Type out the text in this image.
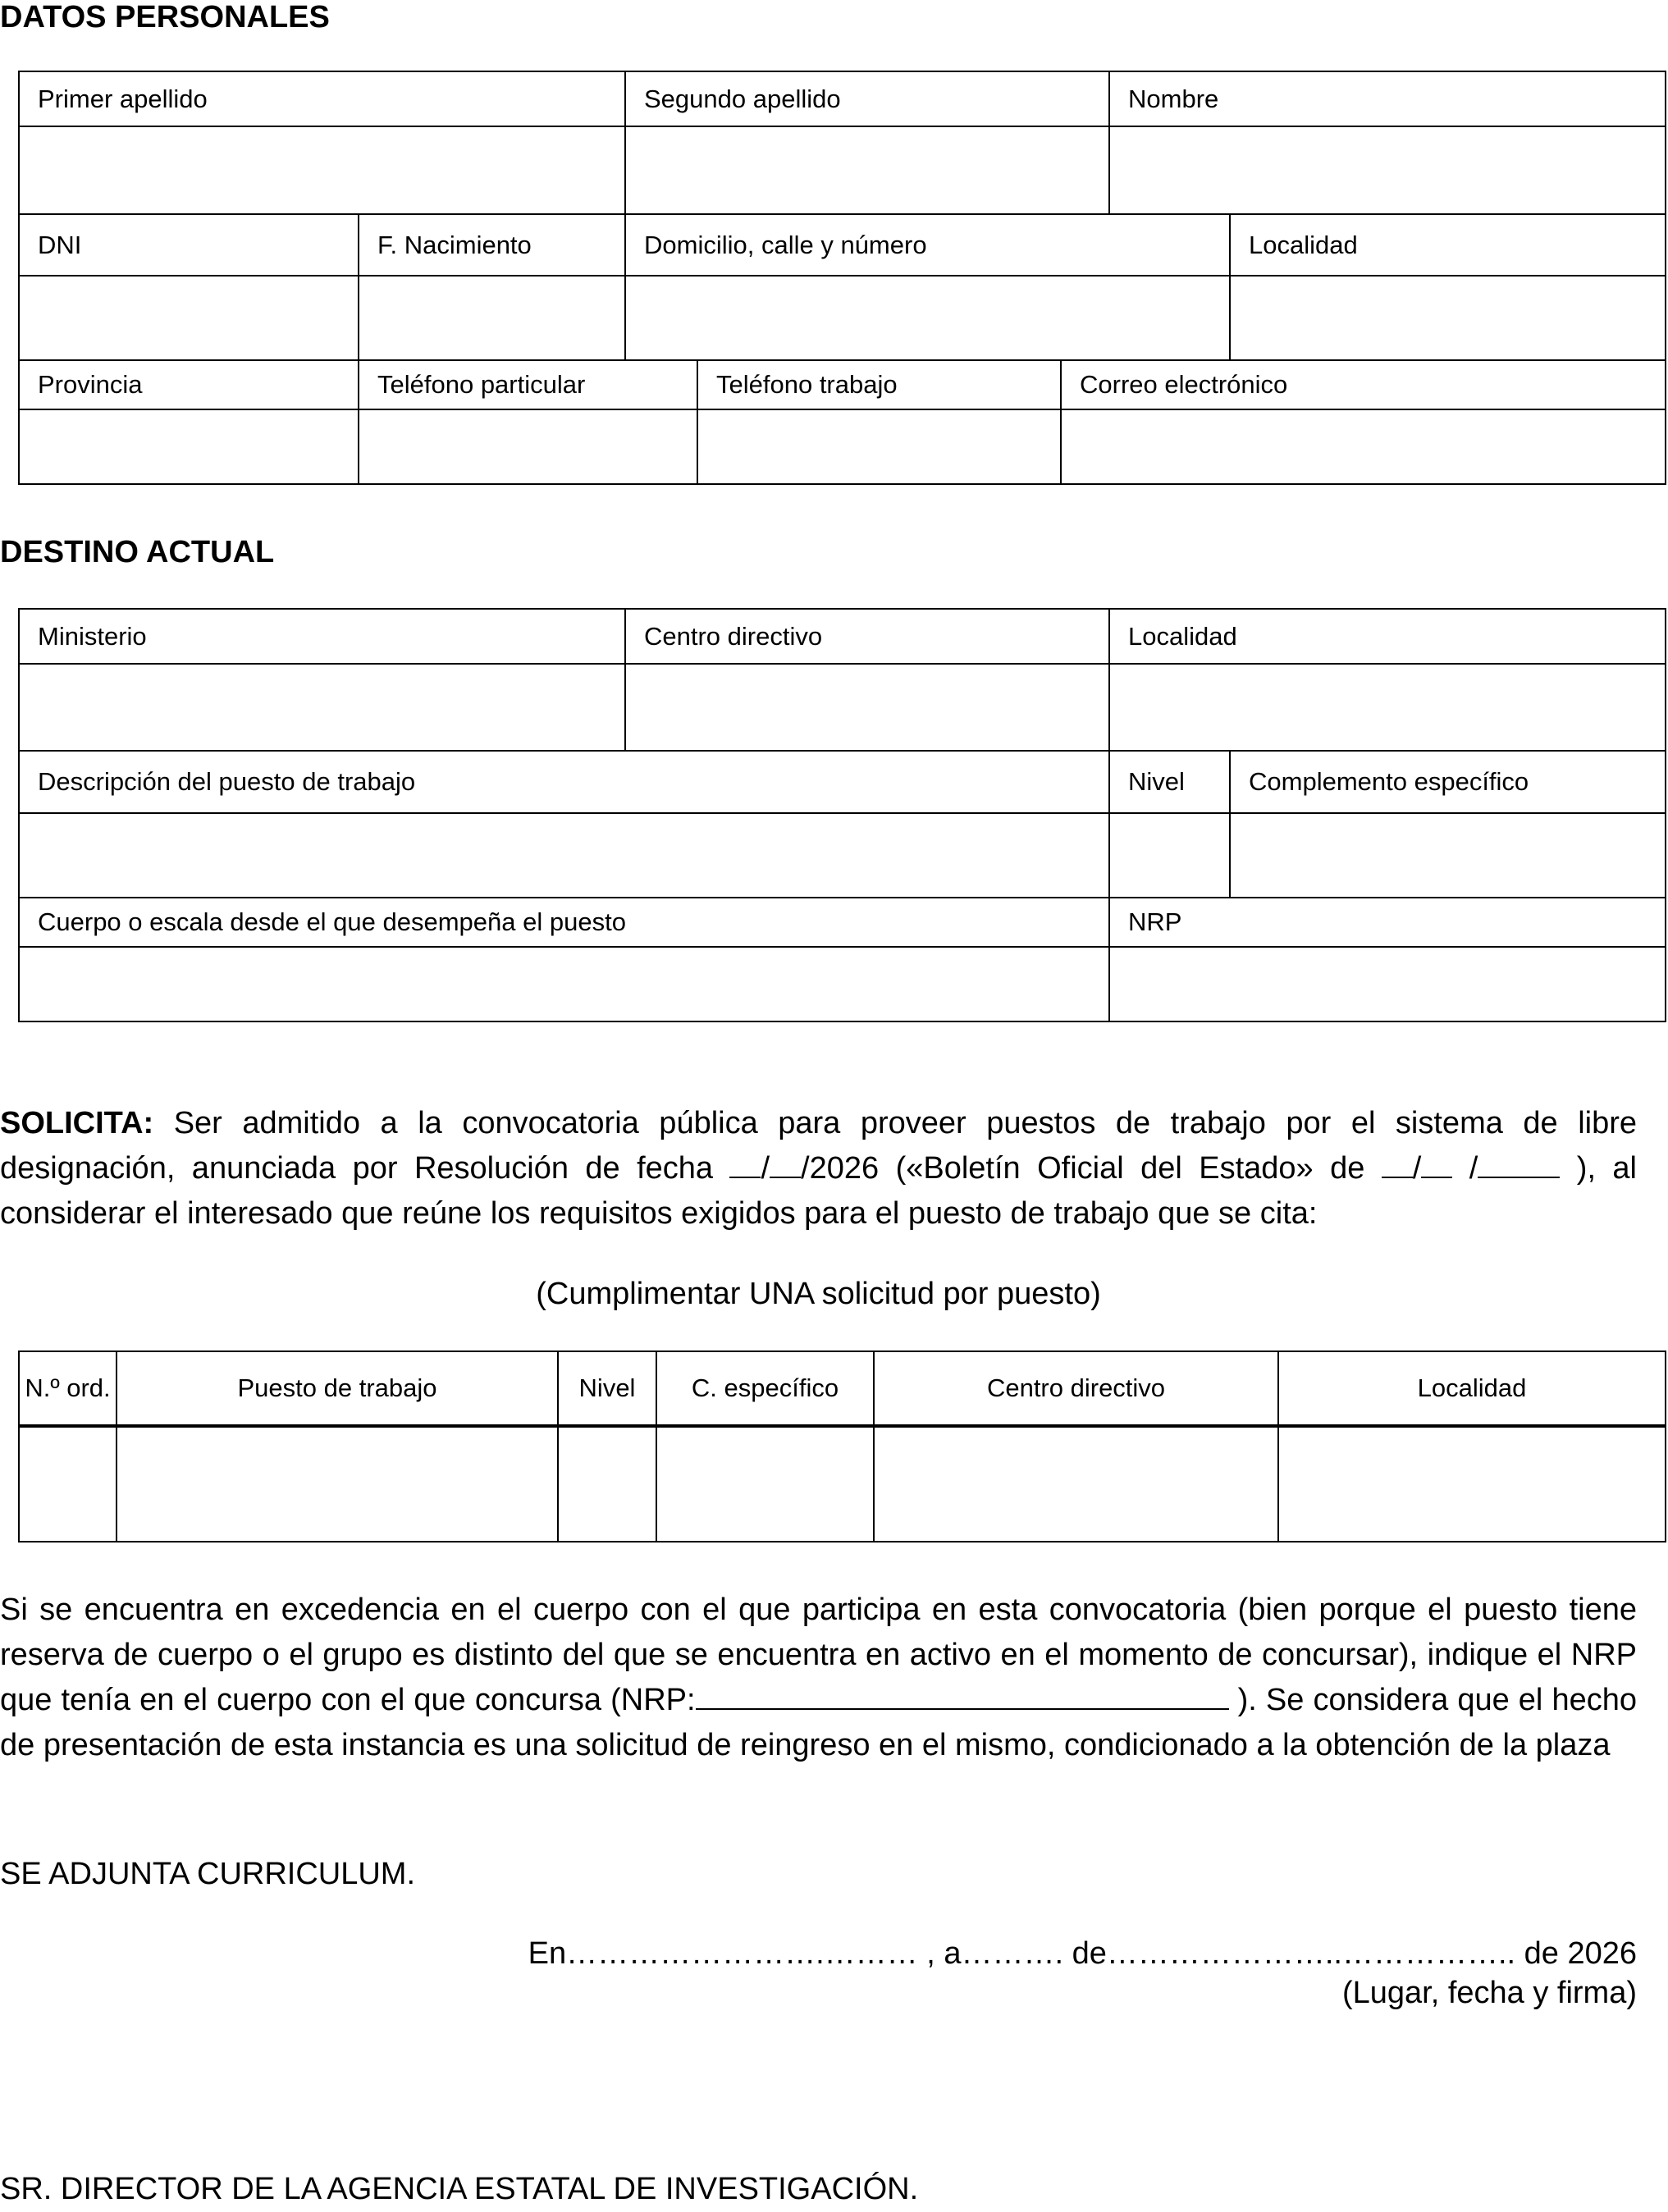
DATOS PERSONALES
Primer apellido	Segundo apellido	Nombre
DNI	F. Nacimiento	Domicilio, calle y número	Localidad
Provincia	Teléfono particular	Teléfono trabajo	Correo electrónico
DESTINO ACTUAL
Ministerio	Centro directivo	Localidad
Descripción del puesto de trabajo	Nivel	Complemento específico
Cuerpo o escala desde el que desempeña el puesto	NRP
SOLICITA: Ser admitido a la convocatoria pública para proveer puestos de trabajo por el sistema de libre designación, anunciada por Resolución de fecha / /2026 («Boletín Oficial del Estado» de / /	), al considerar el interesado que reúne los requisitos exigidos para el puesto de trabajo que se cita:
(Cumplimentar UNA solicitud por puesto)
N.º ord.	Puesto de trabajo	Nivel	C. específico	Centro directivo	Localidad
Si se encuentra en excedencia en el cuerpo con el que participa en esta convocatoria (bien porque el puesto tiene reserva de cuerpo o el grupo es distinto del que se encuentra en activo en el momento de concursar), indique el NRP que tenía en el cuerpo con el que concursa (NRP:	). Se considera que el hecho de presentación de esta instancia es una solicitud de reingreso en el mismo, condicionado a la obtención de la plaza
SE ADJUNTA CURRICULUM.
En…………………….……… , a………. de…………………..…………….. de 2026
(Lugar, fecha y firma)
SR. DIRECTOR DE LA AGENCIA ESTATAL DE INVESTIGACIÓN.
